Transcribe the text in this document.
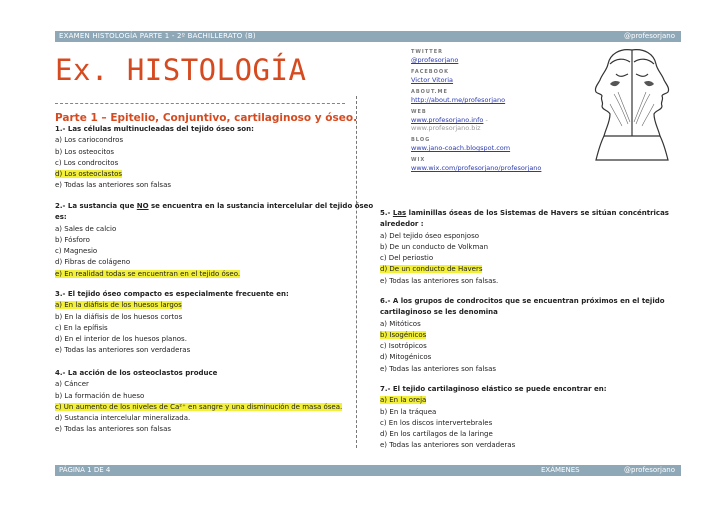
EXAMEN HISTOLOGÍA PARTE 1 - 2º BACHILLERATO (B)	@profesorjano
Ex. HISTOLOGÍA
Parte 1 – Epitelio, Conjuntivo, cartilaginoso y óseo.
TWITTER
@profesorjano
FACEBOOK
Victor Vitoria
ABOUT.ME
http://about.me/profesorjano
WEB
www.profesorjano.info -
www.profesorjano.biz
BLOG
www.jano-coach.blogspot.com
WIX
www.wix.com/profesorjano/profesorjano
1.- Las células multinucleadas del tejido óseo son:
a) Los cariocondros
b) Los osteocitos
c) Los condrocitos
d) Los osteoclastos
e) Todas las anteriores son falsas
2.- La sustancia que NO se encuentra en la sustancia intercelular del tejido óseo
es:
a) Sales de calcio
b) Fósforo
c) Magnesio
d) Fibras de colágeno
e) En realidad todas se encuentran en el tejido óseo.
3.- El tejido óseo compacto es especialmente frecuente en:
a) En la diáfisis de los huesos largos
b) En la diáfisis de los huesos cortos
c) En la epífisis
d) En el interior de los huesos planos.
e) Todas las anteriores son verdaderas
4.- La acción de los osteoclastos produce
a) Cáncer
b) La formación de hueso
c) Un aumento de los niveles de Ca²⁺ en sangre y una disminución de masa ósea.
d) Sustancia intercelular mineralizada.
e) Todas las anteriores son falsas
5.- Las laminillas óseas de los Sistemas de Havers se sitúan concéntricas
alrededor :
a) Del tejido óseo esponjoso
b) De un conducto de Volkman
c) Del periostio
d) De un conducto de Havers
e) Todas las anteriores son falsas.
6.- A los grupos de condrocitos que se encuentran próximos en el tejido
cartilaginoso se les denomina
a) Mitóticos
b) Isogénicos
c) Isotrópicos
d) Mitogénicos
e) Todas las anteriores son falsas
7.- El tejido cartilaginoso elástico se puede encontrar en:
a) En la oreja
b) En la tráquea
c) En los discos intervertebrales
d) En los cartílagos de la laringe
e) Todas las anteriores son verdaderas
PÁGINA 1 DE 4	EXÁMENES	@profesorjano
